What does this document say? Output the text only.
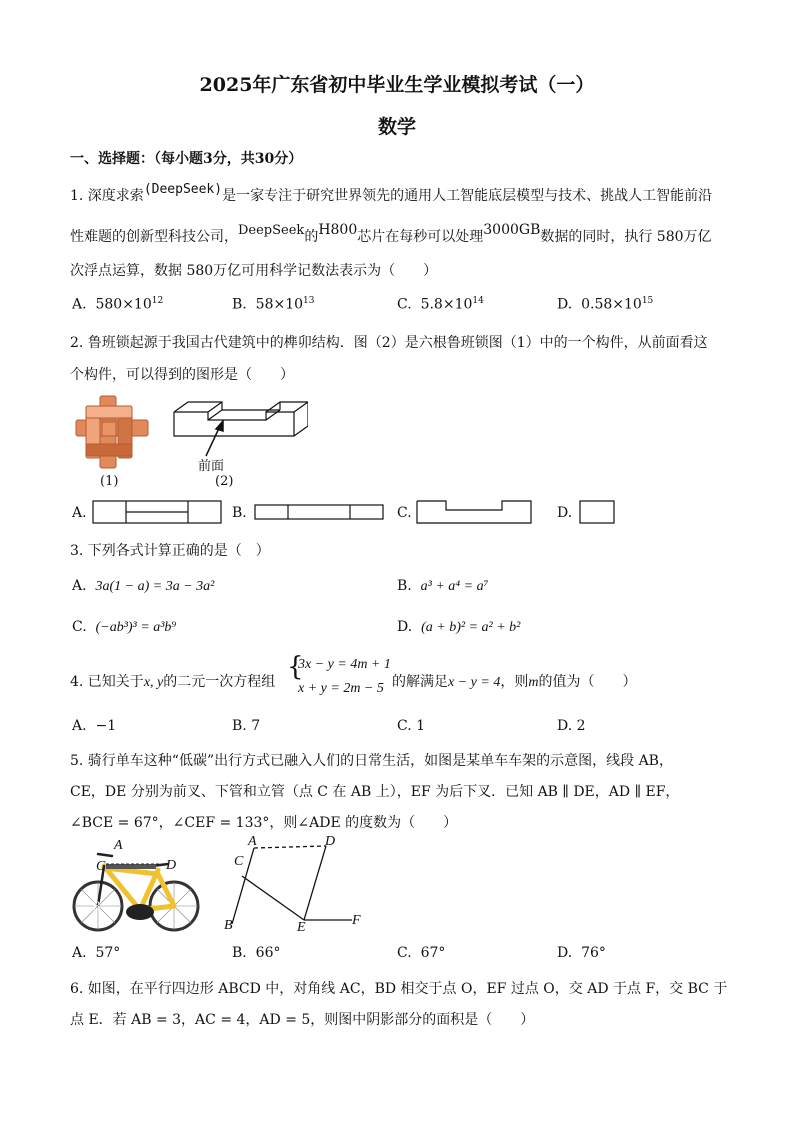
2025年广东省初中毕业生学业模拟考试（一）
数学
一、选择题：（每小题3分，共30分）
1. 深度求索(DeepSeek)是一家专注于研究世界领先的通用人工智能底层模型与技术、挑战人工智能前沿
性难题的创新型科技公司，DeepSeek的H800芯片在每秒可以处理3000GB数据的同时，执行 580万亿
次浮点运算，数据 580万亿可用科学记数法表示为（　　）
A. $580\times 10^{12}$	B. $58\times 10^{13}$	C. $5.8\times 10^{14}$	D. $0.58\times 10^{15}$
2. 鲁班锁起源于我国古代建筑中的榫卯结构．图（2）是六根鲁班锁图（1）中的一个构件，从前面看这
个构件，可以得到的图形是（　　）
(1)
前面
(2)
A.	B.	C.	D.
3. 下列各式计算正确的是（　）
A. 3a(1 − a) = 3a − 3a²	B. a³ + a⁴ = a⁷
C. (−ab³)³ = a³b⁹	D. (a + b)² = a² + b²
4. 已知关于x, y的二元一次方程组 {
3x − y = 4m + 1
x + y = 2m − 5 的解满足x − y = 4，则m的值为（　　）
A. −1	B. 7	C. 1	D. 2
5. 骑行单车这种“低碳”出行方式已融入人们的日常生活，如图是某单车车架的示意图，线段 AB，
CE，DE 分别为前叉、下管和立管（点 C 在 AB 上），EF 为后下叉．已知 AB ∥ DE，AD ∥ EF，
∠BCE = 67°，∠CEF = 133°，则∠ADE 的度数为（　　）
A
C	D
B
A
B
C
D
E	F
A. 57°	B. 66°	C. 67°	D. 76°
6. 如图，在平行四边形 ABCD 中，对角线 AC，BD 相交于点 O，EF 过点 O，交 AD 于点 F，交 BC 于
点 E．若 AB = 3，AC = 4，AD = 5，则图中阴影部分的面积是（　　）
